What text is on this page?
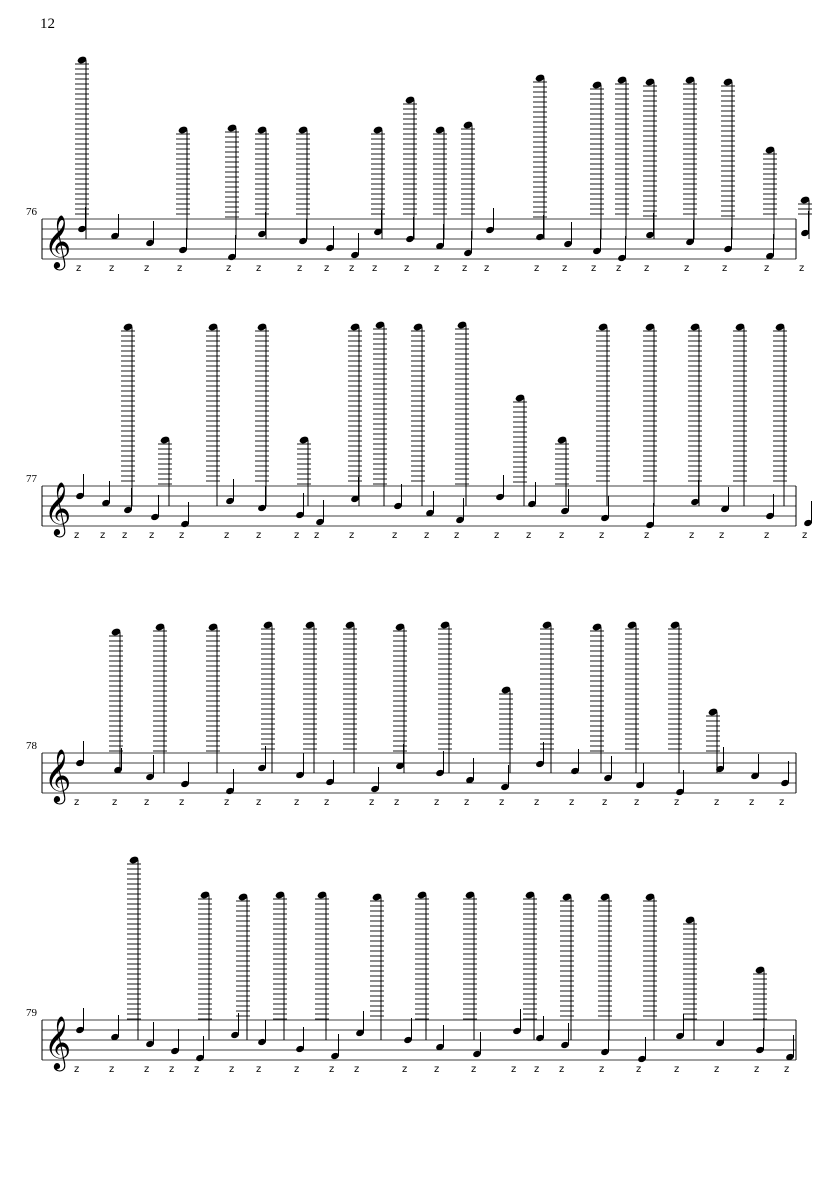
12
𝄞
76
z	z	z	z	z z	z z z z	z z z z	z z z z z	z	z	z	z
𝄞
77
z z z z z	z	z	z z	z	z	z z	z	z	z	z	z	z z	z	z
𝄞
78
z	z	z	z	z	z	z z	z z	z z	z	z	z	z	z	z	z	z z
𝄞
79
z	z	z z z	z z	z	z z	z	z	z	z z z	z	z	z	z	z z
